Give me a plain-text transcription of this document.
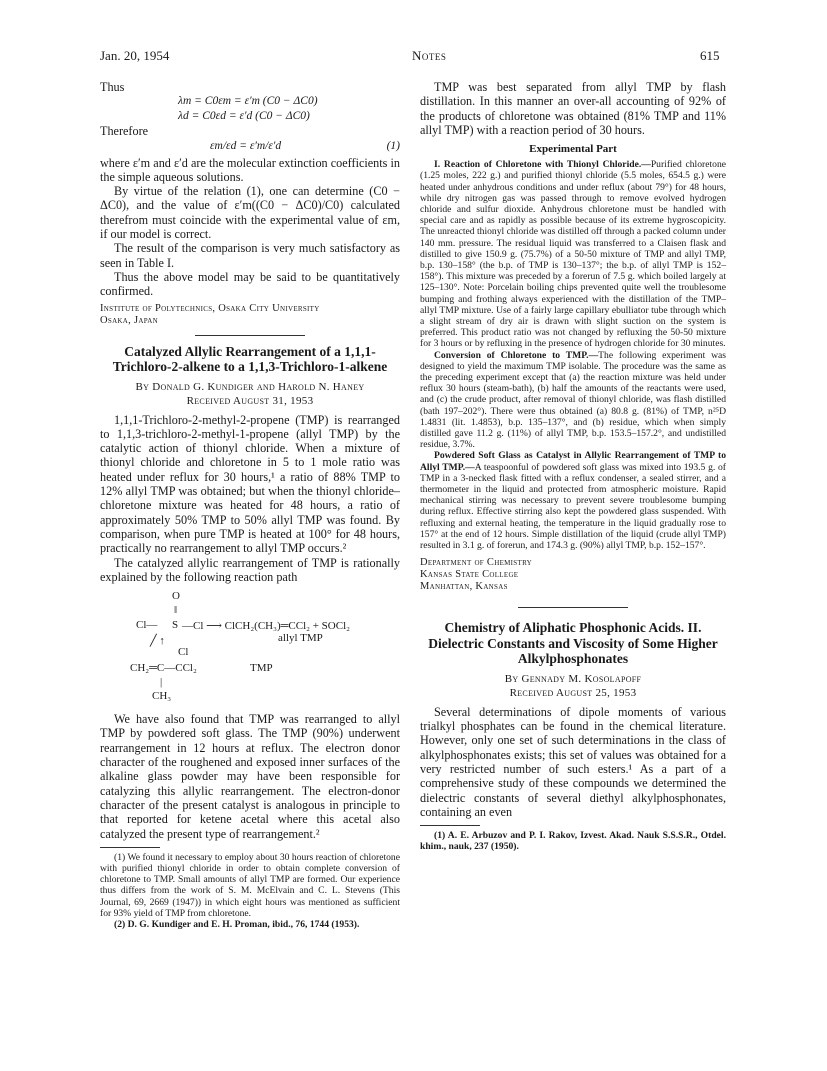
Jan. 20, 1954	Notes	615

Thus

λm = C0εm = ε′m (C0 − ΔC0)
λd = C0εd = ε′d (C0 − ΔC0)

Therefore

εm/εd = ε′m/ε′d	(1)

where ε′m and ε′d are the molecular extinction coefficients in the simple aqueous solutions.

By virtue of the relation (1), one can determine (C0 − ΔC0), and the value of ε′m((C0 − ΔC0)/C0) calculated therefrom must coincide with the experimental value of εm, if our model is correct.

The result of the comparison is very much satisfactory as seen in Table I.

Thus the above model may be said to be quantitatively confirmed.

Institute of Polytechnics, Osaka City University

Osaka, Japan

Catalyzed Allylic Rearrangement of a 1,1,1-Trichloro-2-alkene to a 1,1,3-Trichloro-1-alkene
By Donald G. Kundiger and Harold N. Haney
Received August 31, 1953

1,1,1-Trichloro-2-methyl-2-propene (TMP) is rearranged to 1,1,3-trichloro-2-methyl-1-propene (allyl TMP) by the catalytic action of thionyl chloride. When a mixture of thionyl chloride and chloretone in 5 to 1 mole ratio was heated under reflux for 30 hours,¹ a ratio of 88% TMP to 12% allyl TMP was obtained; but when the thionyl chloride–chloretone mixture was heated for 48 hours, a ratio of approximately 50% TMP to 50% allyl TMP was found. By comparison, when pure TMP is heated at 100° for 48 hours, practically no rearrangement to allyl TMP occurs.²

The catalyzed allylic rearrangement of TMP is rationally explained by the following reaction path

O
‖
Cl— S —Cl ⟶ ClCH₂(CH₃)═CCl₂ + SOCl₂
allyl TMP
╱ ↑
Cl
CH₂═C—CCl₂	TMP
|
CH₃

We have also found that TMP was rearranged to allyl TMP by powdered soft glass. The TMP (90%) underwent rearrangement in 12 hours at reflux. The electron donor character of the roughened and exposed inner surfaces of the alkaline glass powder may have been responsible for catalyzing this allylic rearrangement. The electron-donor character of the present catalyst is analogous in principle to that reported for ketene acetal where this acetal also catalyzed the present type of rearrangement.²

(1) We found it necessary to employ about 30 hours reaction of chloretone with purified thionyl chloride in order to obtain complete conversion of chloretone to TMP. Small amounts of allyl TMP are formed. Our experience thus differs from the work of S. M. McElvain and C. L. Stevens (This Journal, 69, 2669 (1947)) in which eight hours was mentioned as sufficient for 93% yield of TMP from chloretone.

(2) D. G. Kundiger and E. H. Proman, ibid., 76, 1744 (1953).

TMP was best separated from allyl TMP by flash distillation. In this manner an over-all accounting of 92% of the products of chloretone was obtained (81% TMP and 11% allyl TMP) with a reaction period of 30 hours.

Experimental Part

I. Reaction of Chloretone with Thionyl Chloride.—Purified chloretone (1.25 moles, 222 g.) and purified thionyl chloride (5.5 moles, 654.5 g.) were heated under anhydrous conditions and under reflux (about 79°) for 48 hours, while dry nitrogen gas was passed through to remove evolved hydrogen chloride and sulfur dioxide. Anhydrous chloretone must be handled with special care and as rapidly as possible because of its extreme hygroscopicity. The unreacted thionyl chloride was distilled off through a packed column under 140 mm. pressure. The residual liquid was transferred to a Claisen flask and distilled to give 150.9 g. (75.7%) of a 50-50 mixture of TMP and allyl TMP, b.p. 130–158° (the b.p. of TMP is 130–137°; the b.p. of allyl TMP is 152–158°). This mixture was preceded by a forerun of 7.5 g. which boiled largely at 125–130°. Note: Porcelain boiling chips prevented quite well the troublesome bumping and frothing always experienced with the distillation of the TMP–allyl TMP mixture. Use of a fairly large capillary ebulliator tube through which a slight stream of dry air is drawn with slight suction on the system is preferred. This product ratio was not changed by refluxing the 50-50 mixture for 3 hours or by refluxing in the presence of hydrogen chloride for 30 minutes.

Conversion of Chloretone to TMP.—The following experiment was designed to yield the maximum TMP isolable. The procedure was the same as the preceding experiment except that (a) the reaction mixture was held under reflux 30 hours (steam-bath), (b) half the amounts of the reactants were used, and (c) the crude product, after removal of thionyl chloride, was flash distilled (bath 197–202°). There were thus obtained (a) 80.8 g. (81%) of TMP, n²⁵D 1.4831 (lit. 1.4853), b.p. 135–137°, and (b) residue, which when simply distilled gave 11.2 g. (11%) of allyl TMP, b.p. 153.5–157.2°, and undistilled residue, 3.7%.

Powdered Soft Glass as Catalyst in Allylic Rearrangement of TMP to Allyl TMP.—A teaspoonful of powdered soft glass was mixed into 193.5 g. of TMP in a 3-necked flask fitted with a reflux condenser, a sealed stirrer, and a thermometer in the liquid and protected from atmospheric moisture. Rapid mechanical stirring was necessary to prevent severe troublesome bumping during reflux. Effective stirring also kept the powdered glass suspended. With refluxing and external heating, the temperature in the liquid gradually rose to 157° at the end of 12 hours. Simple distillation of the liquid (crude allyl TMP) resulted in 3.1 g. of forerun, and 174.3 g. (90%) allyl TMP, b.p. 152–157°.

Department of Chemistry

Kansas State College

Manhattan, Kansas

Chemistry of Aliphatic Phosphonic Acids. II. Dielectric Constants and Viscosity of Some Higher Alkylphosphonates
By Gennady M. Kosolapoff
Received August 25, 1953

Several determinations of dipole moments of various trialkyl phosphates can be found in the chemical literature. However, only one set of such determinations in the class of alkylphosphonates exists; this set of values was obtained for a very restricted number of such esters.¹ As a part of a comprehensive study of these compounds we determined the dielectric constants of several diethyl alkylphosphonates, containing an even

(1) A. E. Arbuzov and P. I. Rakov, Izvest. Akad. Nauk S.S.S.R., Otdel. khim., nauk, 237 (1950).
